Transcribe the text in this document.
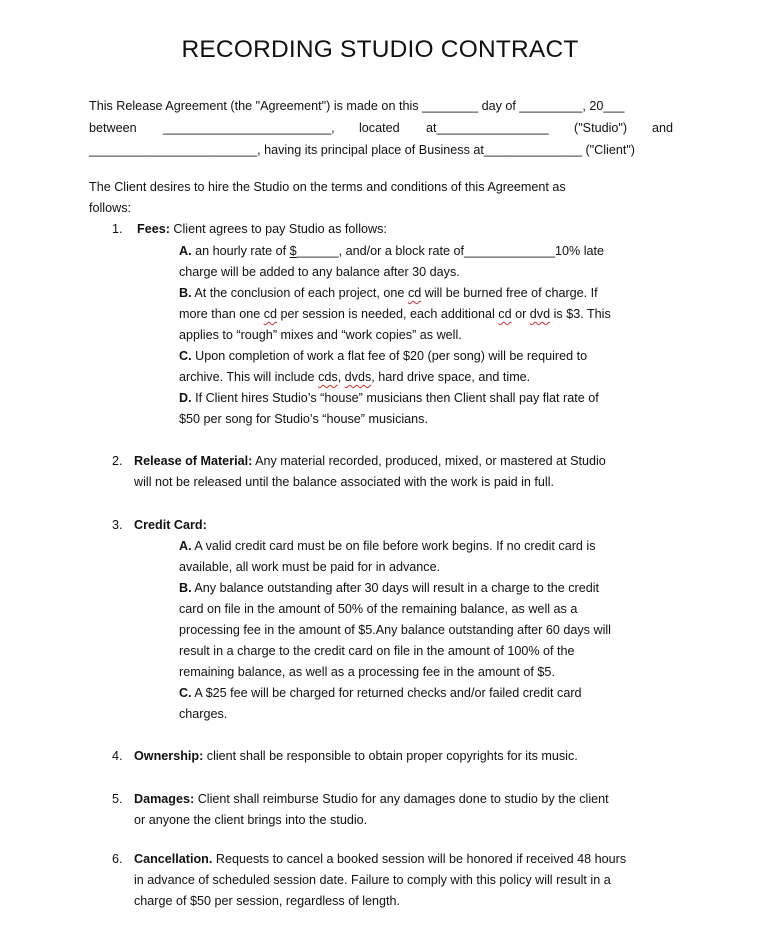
RECORDING STUDIO CONTRACT
This Release Agreement (the "Agreement") is made on this ________ day of _________, 20___
between ________________________, located at________________ ("Studio") and
________________________, having its principal place of Business at______________ ("Client")
The Client desires to hire the Studio on the terms and conditions of this Agreement as
follows:
1. Fees: Client agrees to pay Studio as follows:
A. an hourly rate of $______, and/or a block rate of_____________10% late
charge will be added to any balance after 30 days.
B. At the conclusion of each project, one cd will be burned free of charge. If
more than one cd per session is needed, each additional cd or dvd is $3. This
applies to “rough” mixes and “work copies” as well.
C. Upon completion of work a flat fee of $20 (per song) will be required to
archive. This will include cds, dvds, hard drive space, and time.
D. If Client hires Studio’s “house” musicians then Client shall pay flat rate of
$50 per song for Studio’s “house” musicians.
2. Release of Material: Any material recorded, produced, mixed, or mastered at Studio
will not be released until the balance associated with the work is paid in full.
3. Credit Card:
A. A valid credit card must be on file before work begins. If no credit card is
available, all work must be paid for in advance.
B. Any balance outstanding after 30 days will result in a charge to the credit
card on file in the amount of 50% of the remaining balance, as well as a
processing fee in the amount of $5.Any balance outstanding after 60 days will
result in a charge to the credit card on file in the amount of 100% of the
remaining balance, as well as a processing fee in the amount of $5.
C. A $25 fee will be charged for returned checks and/or failed credit card
charges.
4. Ownership: client shall be responsible to obtain proper copyrights for its music.
5. Damages: Client shall reimburse Studio for any damages done to studio by the client
or anyone the client brings into the studio.
6. Cancellation. Requests to cancel a booked session will be honored if received 48 hours
in advance of scheduled session date. Failure to comply with this policy will result in a
charge of $50 per session, regardless of length.
